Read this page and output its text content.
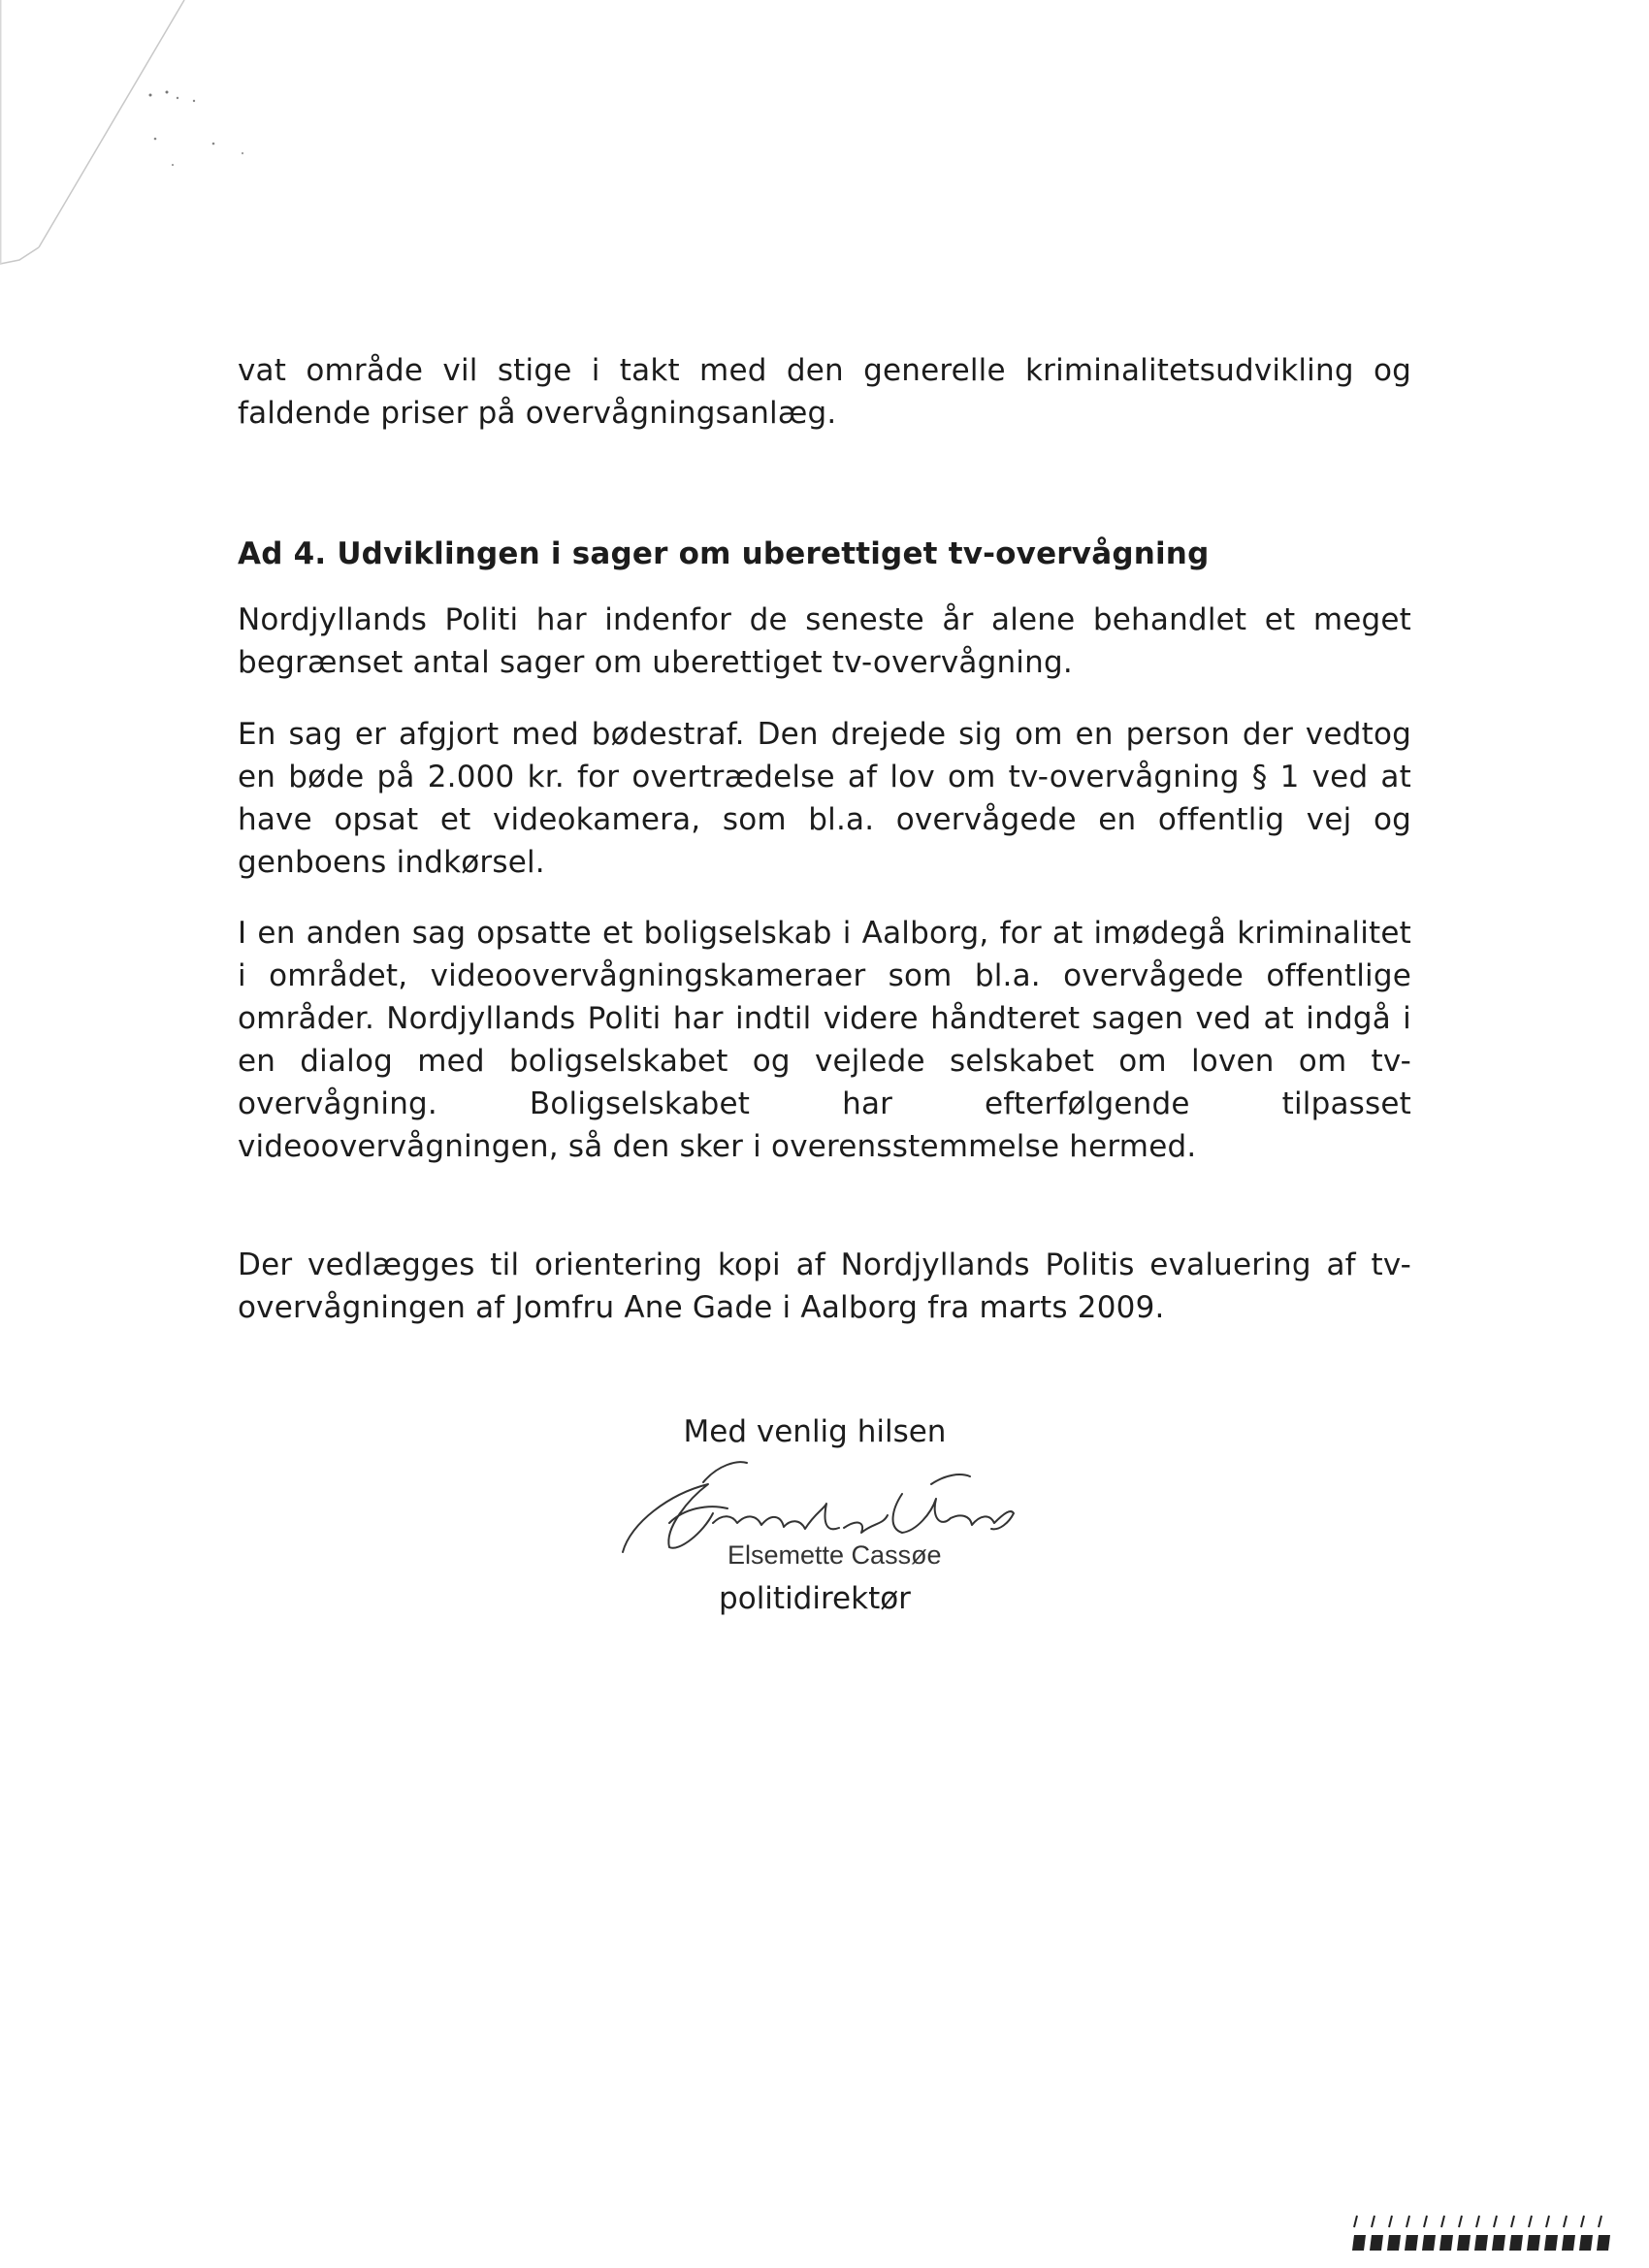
vat område vil stige i takt med den generelle kriminalitetsudvikling og faldende priser på overvågningsanlæg.

Ad 4. Udviklingen i sager om uberettiget tv-overvågning

Nordjyllands Politi har indenfor de seneste år alene behandlet et meget begrænset antal sager om uberettiget tv-overvågning.

En sag er afgjort med bødestraf. Den drejede sig om en person der vedtog en bøde på 2.000 kr. for overtrædelse af lov om tv-overvågning § 1 ved at have opsat et videokamera, som bl.a. overvågede en offentlig vej og genboens indkørsel.

I en anden sag opsatte et boligselskab i Aalborg, for at imødegå kriminalitet i området, videoovervågningskameraer som bl.a. overvågede offentlige områder. Nordjyllands Politi har indtil videre håndteret sagen ved at indgå i en dialog med boligselskabet og vejlede selskabet om loven om tv-overvågning. Boligselskabet har efterfølgende tilpasset videoovervågningen, så den sker i overensstemmelse hermed.

Der vedlægges til orientering kopi af Nordjyllands Politis evaluering af tv-overvågningen af Jomfru Ane Gade i Aalborg fra marts 2009.

Med venlig hilsen
Elsemette Cassøe
politidirektør
